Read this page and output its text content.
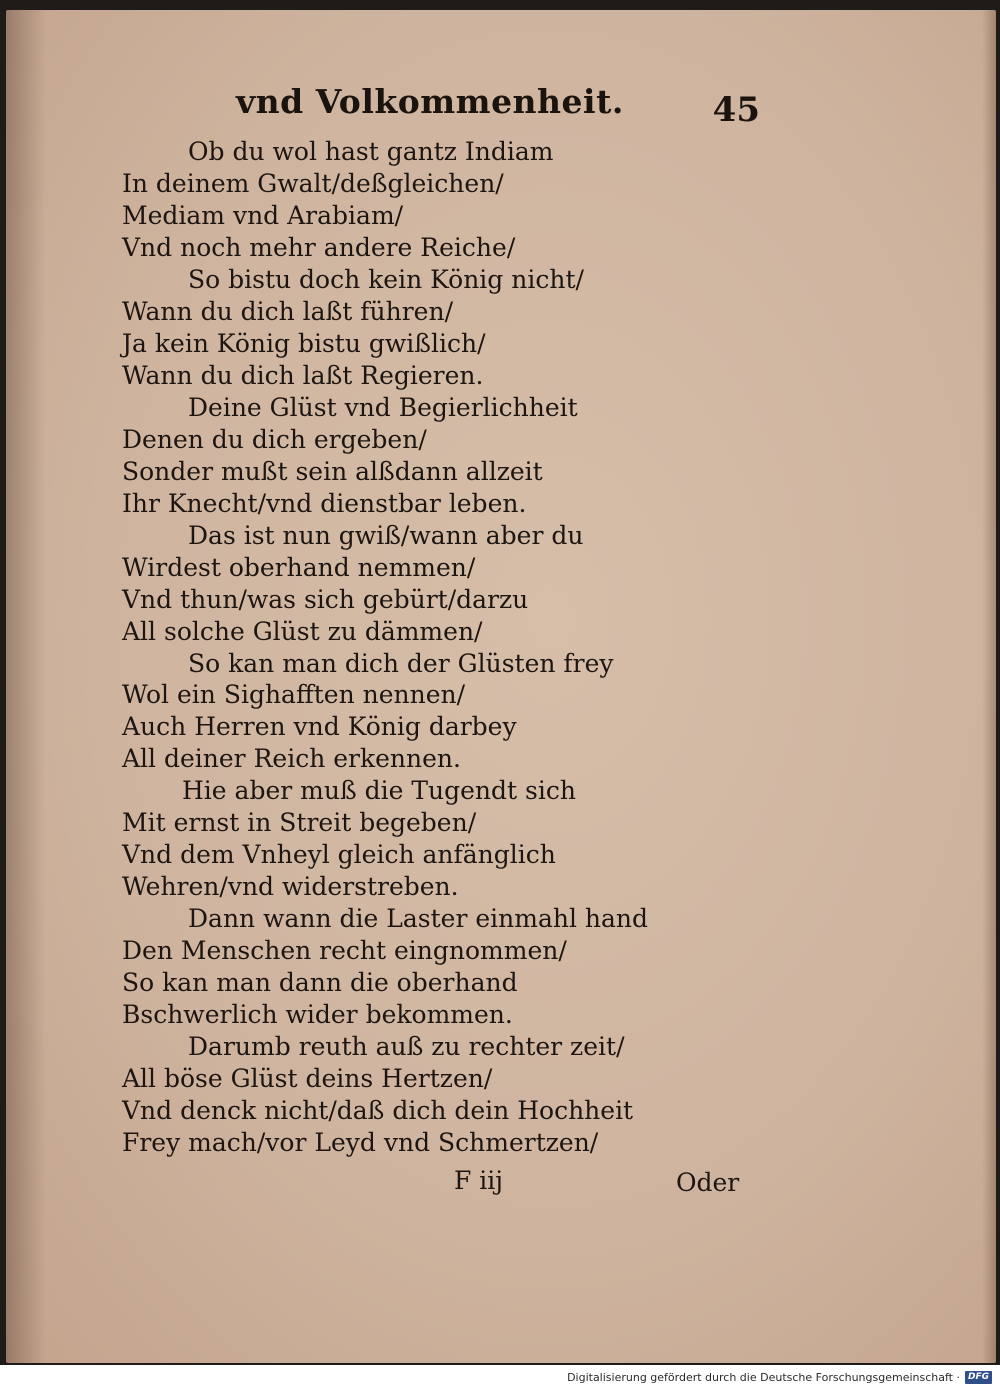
vnd Volkommenheit.	45
Ob du wol hast gantz Indiam
In deinem Gwalt/deßgleichen/
Mediam vnd Arabiam/
Vnd noch mehr andere Reiche/
So bistu doch kein König nicht/
Wann du dich laßt führen/
Ja kein König bistu gwißlich/
Wann du dich laßt Regieren.
Deine Glüst vnd Begierlichheit
Denen du dich ergeben/
Sonder mußt sein alßdann allzeit
Ihr Knecht/vnd dienstbar leben.
Das ist nun gwiß/wann aber du
Wirdest oberhand nemmen/
Vnd thun/was sich gebürt/darzu
All solche Glüst zu dämmen/
So kan man dich der Glüsten frey
Wol ein Sighafften nennen/
Auch Herren vnd König darbey
All deiner Reich erkennen.
Hie aber muß die Tugendt sich
Mit ernst in Streit begeben/
Vnd dem Vnheyl gleich anfänglich
Wehren/vnd widerstreben.
Dann wann die Laster einmahl hand
Den Menschen recht eingnommen/
So kan man dann die oberhand
Bschwerlich wider bekommen.
Darumb reuth auß zu rechter zeit/
All böse Glüst deins Hertzen/
Vnd denck nicht/daß dich dein Hochheit
Frey mach/vor Leyd vnd Schmertzen/
F iij	Oder
Digitalisierung gefördert durch die Deutsche Forschungsgemeinschaft · DFG
